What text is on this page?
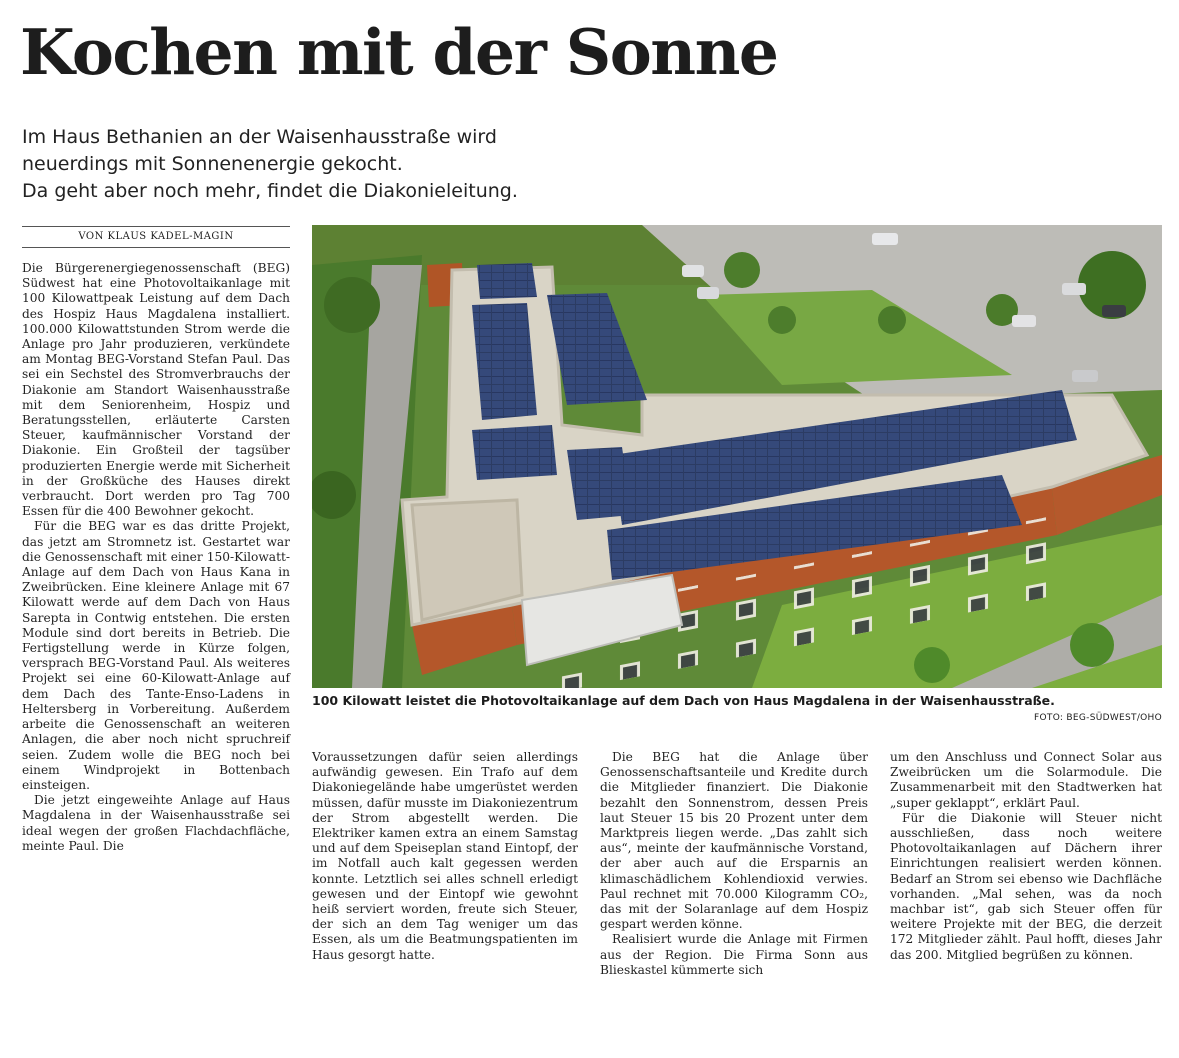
Kochen mit der Sonne
Im Haus Bethanien an der Waisenhausstraße wird
neuerdings mit Sonnenenergie gekocht.
Da geht aber noch mehr, findet die Diakonieleitung.
VON KLAUS KADEL-MAGIN

Die Bürgerenergiegenossenschaft (BEG) Südwest hat eine Photovoltaikanlage mit 100 Kilowattpeak Leistung auf dem Dach des Hospiz Haus Magdalena installiert. 100.000 Kilowattstunden Strom werde die Anlage pro Jahr produzieren, verkündete am Montag BEG-Vorstand Stefan Paul. Das sei ein Sechstel des Stromverbrauchs der Diakonie am Standort Waisenhausstraße mit dem Seniorenheim, Hospiz und Beratungsstellen, erläuterte Carsten Steuer, kaufmännischer Vorstand der Diakonie. Ein Großteil der tagsüber produzierten Energie werde mit Sicherheit in der Großküche des Hauses direkt verbraucht. Dort werden pro Tag 700 Essen für die 400 Bewohner gekocht.

Für die BEG war es das dritte Projekt, das jetzt am Stromnetz ist. Gestartet war die Genossenschaft mit einer 150-Kilowatt-Anlage auf dem Dach von Haus Kana in Zweibrücken. Eine kleinere Anlage mit 67 Kilowatt werde auf dem Dach von Haus Sarepta in Contwig entstehen. Die ersten Module sind dort bereits in Betrieb. Die Fertigstellung werde in Kürze folgen, versprach BEG-Vorstand Paul. Als weiteres Projekt sei eine 60-Kilowatt-Anlage auf dem Dach des Tante-Enso-Ladens in Heltersberg in Vorbereitung. Außerdem arbeite die Genossenschaft an weiteren Anlagen, die aber noch nicht spruchreif seien. Zudem wolle die BEG noch bei einem Windprojekt in Bottenbach einsteigen.

Die jetzt eingeweihte Anlage auf Haus Magdalena in der Waisenhausstraße sei ideal wegen der großen Flachdachfläche, meinte Paul. Die

100 Kilowatt leistet die Photovoltaikanlage auf dem Dach von Haus Magdalena in der Waisenhausstraße.
FOTO: BEG-SÜDWEST/OHO

Voraussetzungen dafür seien allerdings aufwändig gewesen. Ein Trafo auf dem Diakoniegelände habe umgerüstet werden müssen, dafür musste im Diakoniezentrum der Strom abgestellt werden. Die Elektriker kamen extra an einem Samstag und auf dem Speiseplan stand Eintopf, der im Notfall auch kalt gegessen werden konnte. Letztlich sei alles schnell erledigt gewesen und der Eintopf wie gewohnt heiß serviert worden, freute sich Steuer, der sich an dem Tag weniger um das Essen, als um die Beatmungspatienten im Haus gesorgt hatte.

Die BEG hat die Anlage über Genossenschaftsanteile und Kredite durch die Mitglieder finanziert. Die Diakonie bezahlt den Sonnenstrom, dessen Preis laut Steuer 15 bis 20 Prozent unter dem Marktpreis liegen werde. „Das zahlt sich aus“, meinte der kaufmännische Vorstand, der aber auch auf die Ersparnis an klimaschädlichem Kohlendioxid verwies. Paul rechnet mit 70.000 Kilogramm CO₂, das mit der Solaranlage auf dem Hospiz gespart werden könne.

Realisiert wurde die Anlage mit Firmen aus der Region. Die Firma Sonn aus Blieskastel kümmerte sich

um den Anschluss und Connect Solar aus Zweibrücken um die Solarmodule. Die Zusammenarbeit mit den Stadtwerken hat „super geklappt“, erklärt Paul.

Für die Diakonie will Steuer nicht ausschließen, dass noch weitere Photovoltaikanlagen auf Dächern ihrer Einrichtungen realisiert werden können. Bedarf an Strom sei ebenso wie Dachfläche vorhanden. „Mal sehen, was da noch machbar ist“, gab sich Steuer offen für weitere Projekte mit der BEG, die derzeit 172 Mitglieder zählt. Paul hofft, dieses Jahr das 200. Mitglied begrüßen zu können.
